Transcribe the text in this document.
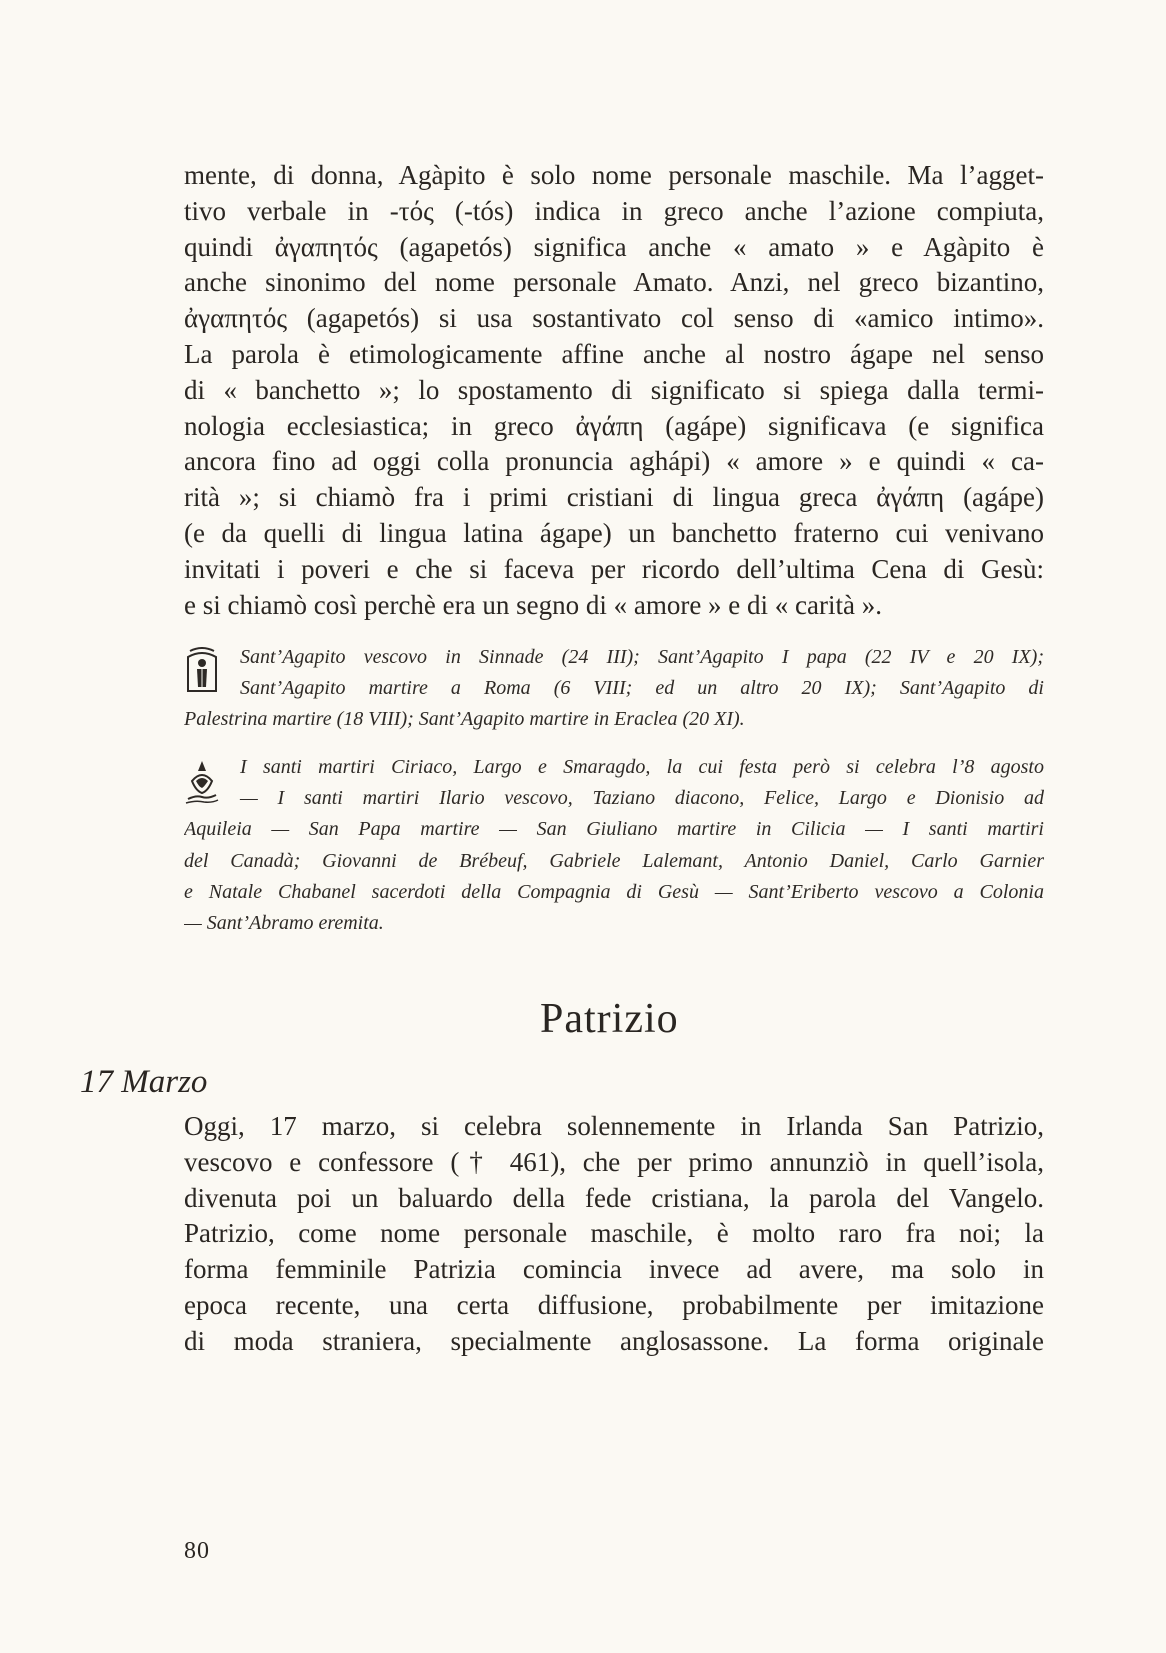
mente, di donna, Agàpito è solo nome personale maschile. Ma l’agget-
tivo verbale in -τός (-tós) indica in greco anche l’azione compiuta,
quindi ἀγαπητός (agapetós) significa anche « amato » e Agàpito è
anche sinonimo del nome personale Amato. Anzi, nel greco bizantino,
ἀγαπητός (agapetós) si usa sostantivato col senso di «amico intimo».
La parola è etimologicamente affine anche al nostro ágape nel senso
di « banchetto »; lo spostamento di significato si spiega dalla termi-
nologia ecclesiastica; in greco ἀγάπη (agápe) significava (e significa
ancora fino ad oggi colla pronuncia aghápi) « amore » e quindi « ca-
rità »; si chiamò fra i primi cristiani di lingua greca ἀγάπη (agápe)
(e da quelli di lingua latina ágape) un banchetto fraterno cui venivano
invitati i poveri e che si faceva per ricordo dell’ultima Cena di Gesù:
e si chiamò così perchè era un segno di « amore » e di « carità ».
Sant’Agapito vescovo in Sinnade (24 III); Sant’Agapito I papa (22 IV e 20 IX);
Sant’Agapito martire a Roma (6 VIII; ed un altro 20 IX); Sant’Agapito di
Palestrina martire (18 VIII); Sant’Agapito martire in Eraclea (20 XI).
I santi martiri Ciriaco, Largo e Smaragdo, la cui festa però si celebra l’8 agosto
— I santi martiri Ilario vescovo, Taziano diacono, Felice, Largo e Dionisio ad
Aquileia — San Papa martire — San Giuliano martire in Cilicia — I santi martiri
del Canadà; Giovanni de Brébeuf, Gabriele Lalemant, Antonio Daniel, Carlo Garnier
e Natale Chabanel sacerdoti della Compagnia di Gesù — Sant’Eriberto vescovo a Colonia
— Sant’Abramo eremita.
Patrizio
17 Marzo
Oggi, 17 marzo, si celebra solennemente in Irlanda San Patrizio,
vescovo e confessore († 461), che per primo annunziò in quell’isola,
divenuta poi un baluardo della fede cristiana, la parola del Vangelo.
Patrizio, come nome personale maschile, è molto raro fra noi; la
forma femminile Patrizia comincia invece ad avere, ma solo in
epoca recente, una certa diffusione, probabilmente per imitazione
di moda straniera, specialmente anglosassone. La forma originale
80
